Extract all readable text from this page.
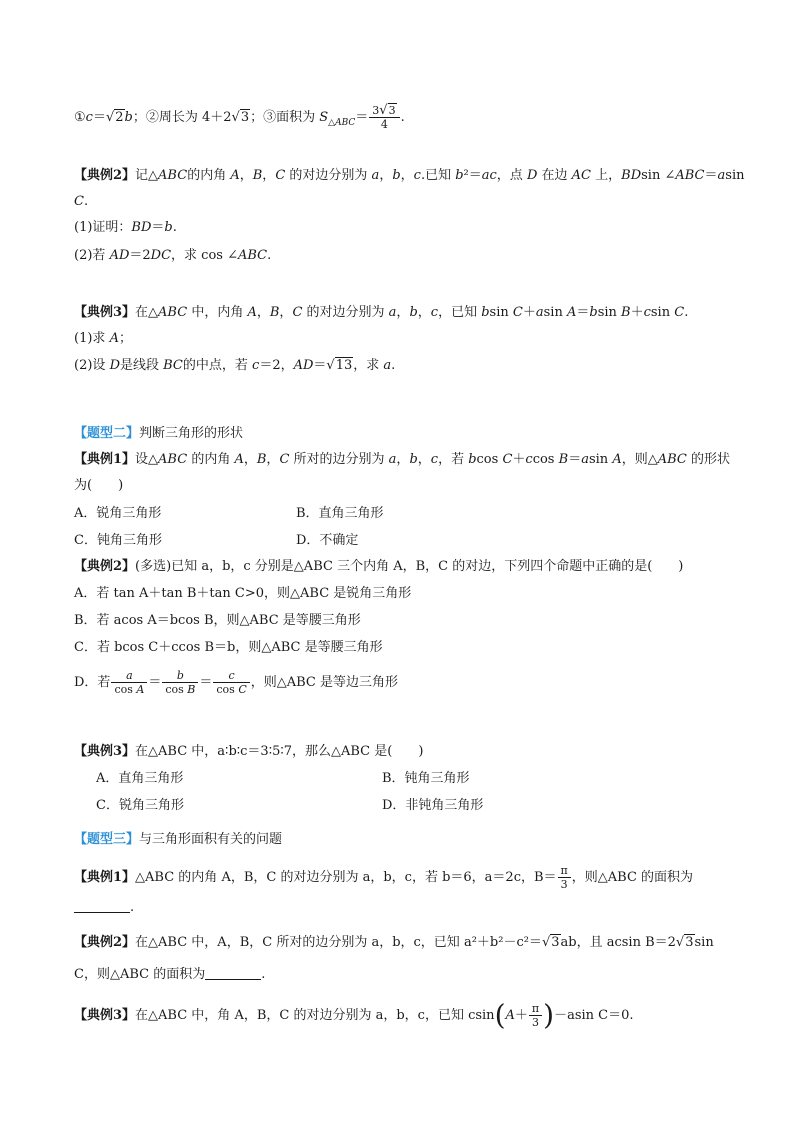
①c＝√2b；②周长为 4＋2√3；③面积为 $S_{\triangle ABC}= \frac{3√3}{4}$ .
【典例2】记△ABC的内角 A，B，C 的对边分别为 a，b，c.已知 b²＝ac，点 D 在边 AC 上，BDsin ∠ABC＝asin
C.
(1)证明：BD＝b.
(2)若 AD＝2DC，求 cos ∠ABC.
【典例3】在△ABC 中，内角 A，B，C 的对边分别为 a，b，c，已知 bsin C＋asin A＝bsin B＋csin C.
(1)求 A；
(2)设 D是线段 BC的中点，若 c＝2，AD＝√13，求 a.
【题型二】判断三角形的形状
【典例1】设△ABC 的内角 A，B，C 所对的边分别为 a，b，c，若 bcos C＋ccos B＝asin A，则△ABC 的形状
为(　　)
A．锐角三角形	B．直角三角形
C．钝角三角形	D．不确定
【典例2】(多选)已知 a，b，c 分别是△ABC 三个内角 A，B，C 的对边，下列四个命题中正确的是(　　)
A．若 tan A＋tan B＋tan C>0，则△ABC 是锐角三角形
B．若 acos A＝bcos B，则△ABC 是等腰三角形
C．若 bcos C＋ccos B＝b，则△ABC 是等腰三角形
D．若 $\frac{a}{\text{cos A}} = \frac{b}{\text{cos B}} = \frac{c}{\text{cos C}}$ ，则△ABC 是等边三角形
【典例3】在△ABC 中，a∶b∶c＝3∶5∶7，那么△ABC 是(　　)
A．直角三角形	B．钝角三角形
C．锐角三角形	D．非钝角三角形
【题型三】与三角形面积有关的问题
【典例1】△ABC 的内角 A，B，C 的对边分别为 a，b，c，若 b＝6，a＝2c，$B= \frac{\pi}{3}$ ，则△ABC 的面积为
.
【典例2】在△ABC 中，A，B，C 所对的边分别为 a，b，c，已知 a²＋b²－c²＝√3ab，且 acsin B＝2√3sin
C，则△ABC 的面积为	.
【典例3】在△ABC 中，角 A，B，C 的对边分别为 a，b，c，已知 $csin(A+ \frac{\pi}{3} )-asin$ C＝0.
